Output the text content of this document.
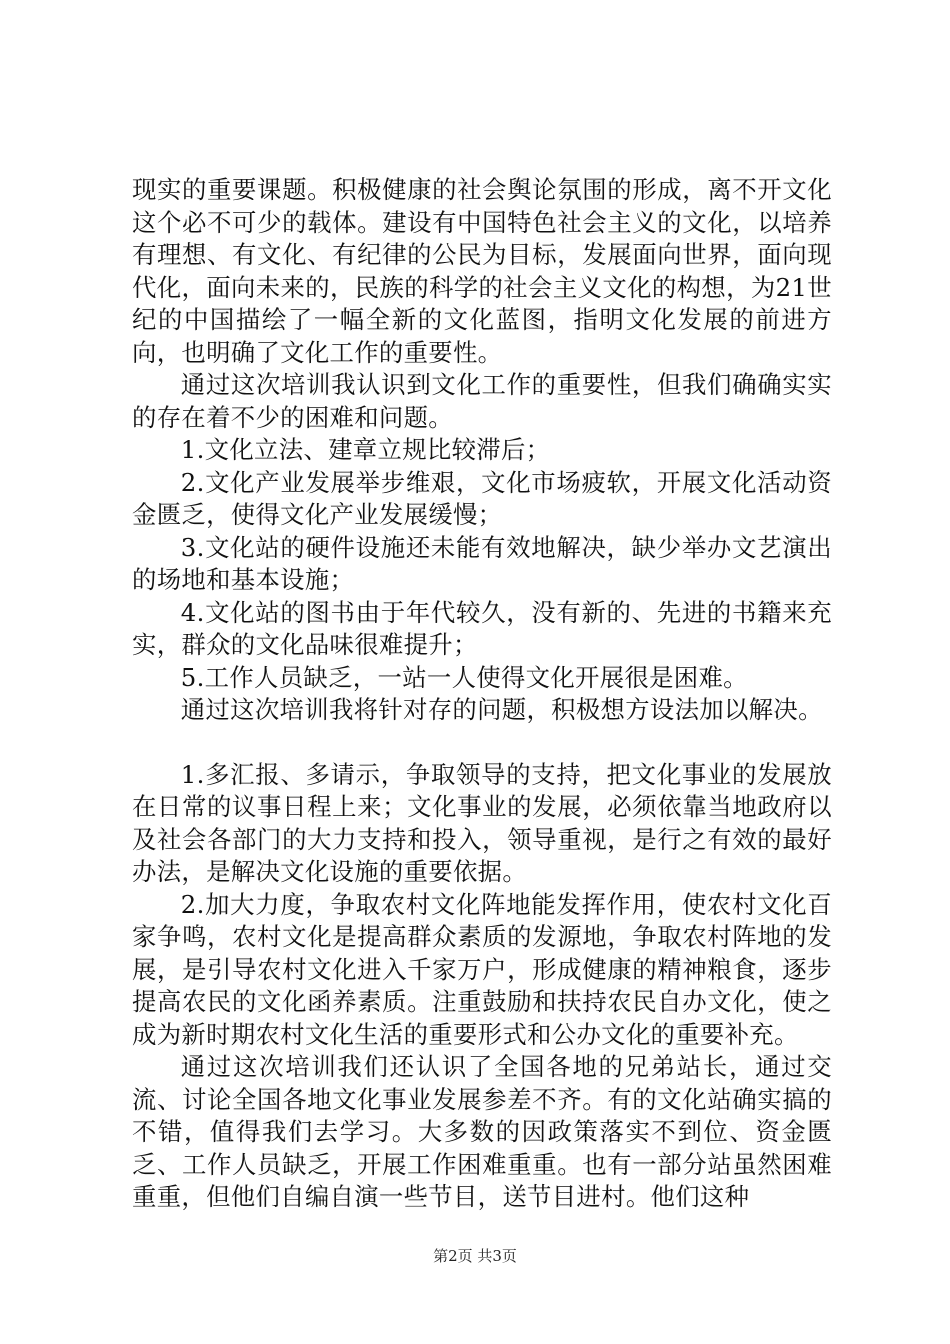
现实的重要课题。积极健康的社会舆论氛围的形成，离不开文化这个必不可少的载体。建设有中国特色社会主义的文化，以培养有理想、有文化、有纪律的公民为目标，发展面向世界，面向现代化，面向未来的，民族的科学的社会主义文化的构想，为21世纪的中国描绘了一幅全新的文化蓝图，指明文化发展的前进方向，也明确了文化工作的重要性。

通过这次培训我认识到文化工作的重要性，但我们确确实实的存在着不少的困难和问题。

1.文化立法、建章立规比较滞后；

2.文化产业发展举步维艰，文化市场疲软，开展文化活动资金匮乏，使得文化产业发展缓慢；

3.文化站的硬件设施还未能有效地解决，缺少举办文艺演出的场地和基本设施；

4.文化站的图书由于年代较久，没有新的、先进的书籍来充实，群众的文化品味很难提升；

5.工作人员缺乏，一站一人使得文化开展很是困难。

通过这次培训我将针对存的问题，积极想方设法加以解决。

1.多汇报、多请示，争取领导的支持，把文化事业的发展放在日常的议事日程上来；文化事业的发展，必须依靠当地政府以及社会各部门的大力支持和投入，领导重视，是行之有效的最好办法，是解决文化设施的重要依据。

2.加大力度，争取农村文化阵地能发挥作用，使农村文化百家争鸣，农村文化是提高群众素质的发源地，争取农村阵地的发展，是引导农村文化进入千家万户，形成健康的精神粮食，逐步提高农民的文化函养素质。注重鼓励和扶持农民自办文化，使之成为新时期农村文化生活的重要形式和公办文化的重要补充。

通过这次培训我们还认识了全国各地的兄弟站长，通过交流、讨论全国各地文化事业发展参差不齐。有的文化站确实搞的不错，值得我们去学习。大多数的因政策落实不到位、资金匮乏、工作人员缺乏，开展工作困难重重。也有一部分站虽然困难重重，但他们自编自演一些节目，送节目进村。他们这种

第2页 共3页
